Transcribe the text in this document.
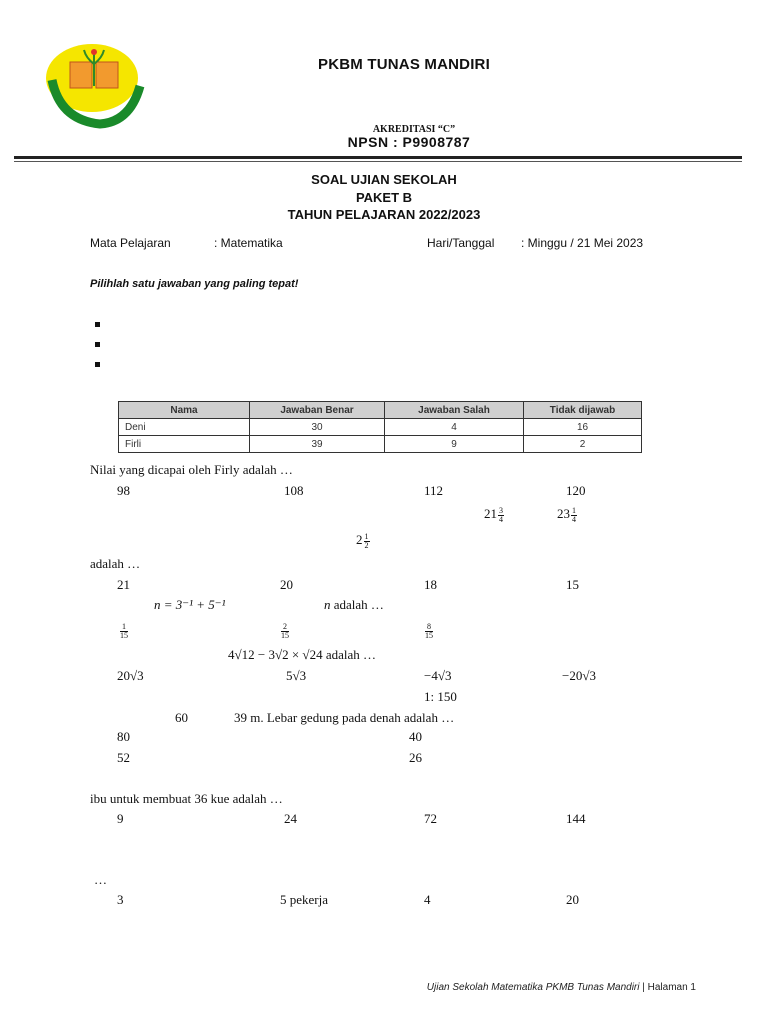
PKBM TUNAS MANDIRI
AKREDITASI “C”
NPSN : P9908787
SOAL UJIAN SEKOLAH
PAKET B
TAHUN PELAJARAN 2022/2023
Mata Pelajaran	: Matematika	Hari/Tanggal : Minggu / 21 Mei 2023
Pilihlah satu jawaban yang paling tepat!
Nama	Jawaban Benar	Jawaban Salah	Tidak dijawab
Deni	30	4	16
Firli	39	9	2
Nilai yang dicapai oleh Firly adalah …
98	108	112	120
$21 \frac{3}{4}$	$23 \frac{1}{4}$
$2 \frac{1}{2}$
adalah …
21	20	18	15
n = 3⁻¹ + 5⁻¹	n adalah …
$\frac{1}{15}$	$\frac{2}{15}$	$\frac{8}{15}$
4√12 − 3√2 × √24 adalah …
20√3	5√3	−4√3	−20√3
1: 150
60	39 m. Lebar gedung pada denah adalah …
80	40
52	26
ibu untuk membuat 36 kue adalah …
9	24	72	144
…
3	5 pekerja	4	20
Ujian Sekolah Matematika PKMB Tunas Mandiri | Halaman 1
